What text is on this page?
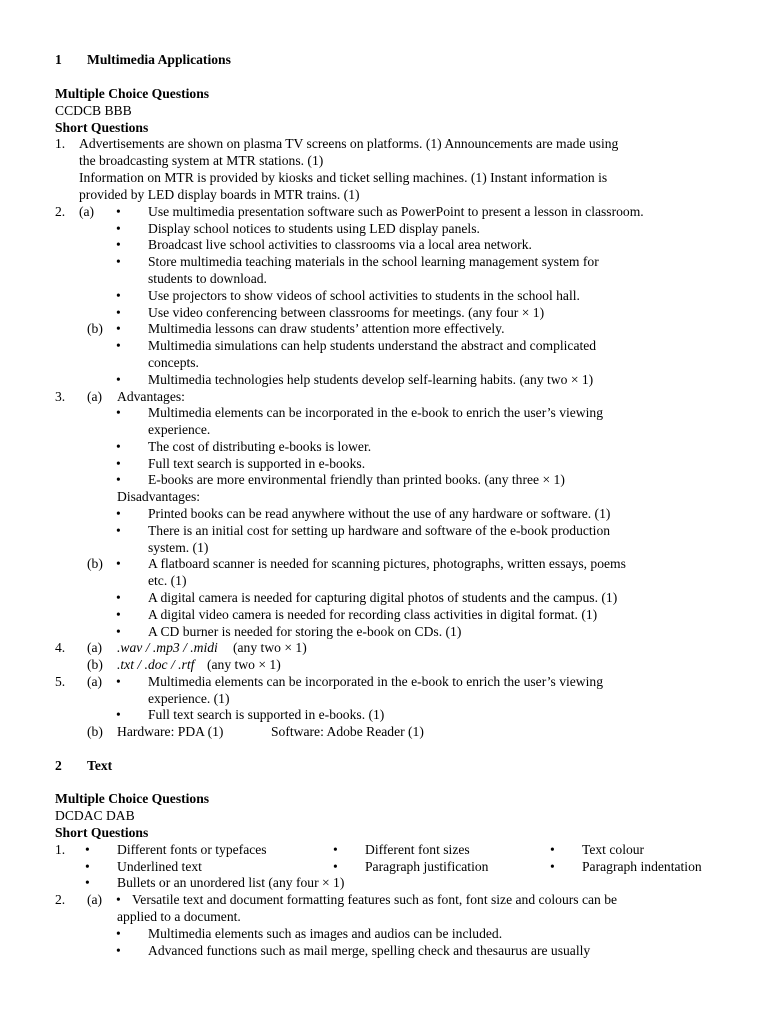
1 Multimedia Applications
Multiple Choice Questions
CCDCB BBB
Short Questions
1. Advertisements are shown on plasma TV screens on platforms. (1) Announcements are made using
the broadcasting system at MTR stations. (1)
Information on MTR is provided by kiosks and ticket selling machines. (1) Instant information is
provided by LED display boards in MTR trains. (1)
2. (a) • Use multimedia presentation software such as PowerPoint to present a lesson in classroom.
• Display school notices to students using LED display panels.
• Broadcast live school activities to classrooms via a local area network.
• Store multimedia teaching materials in the school learning management system for
students to download.
• Use projectors to show videos of school activities to students in the school hall.
• Use video conferencing between classrooms for meetings. (any four × 1)
(b) • Multimedia lessons can draw students’ attention more effectively.
• Multimedia simulations can help students understand the abstract and complicated
concepts.
• Multimedia technologies help students develop self-learning habits. (any two × 1)
3. (a) Advantages:
• Multimedia elements can be incorporated in the e-book to enrich the user’s viewing
experience.
• The cost of distributing e-books is lower.
• Full text search is supported in e-books.
• E-books are more environmental friendly than printed books. (any three × 1)
Disadvantages:
• Printed books can be read anywhere without the use of any hardware or software. (1)
• There is an initial cost for setting up hardware and software of the e-book production
system. (1)
(b) • A flatboard scanner is needed for scanning pictures, photographs, written essays, poems
etc. (1)
• A digital camera is needed for capturing digital photos of students and the campus. (1)
• A digital video camera is needed for recording class activities in digital format. (1)
• A CD burner is needed for storing the e-book on CDs. (1)
4. (a) .wav / .mp3 / .midi (any two × 1)
(b) .txt / .doc / .rtf (any two × 1)
5. (a) • Multimedia elements can be incorporated in the e-book to enrich the user’s viewing
experience. (1)
• Full text search is supported in e-books. (1)
(b) Hardware: PDA (1)	Software: Adobe Reader (1)
2 Text
Multiple Choice Questions
DCDAC DAB
Short Questions
1. • Different fonts or typefaces	• Different font sizes	• Text colour
• Underlined text	• Paragraph justification	• Paragraph indentation
• Bullets or an unordered list (any four × 1)
2. (a) • Versatile text and document formatting features such as font, font size and colours can be
applied to a document.
• Multimedia elements such as images and audios can be included.
• Advanced functions such as mail merge, spelling check and thesaurus are usually
